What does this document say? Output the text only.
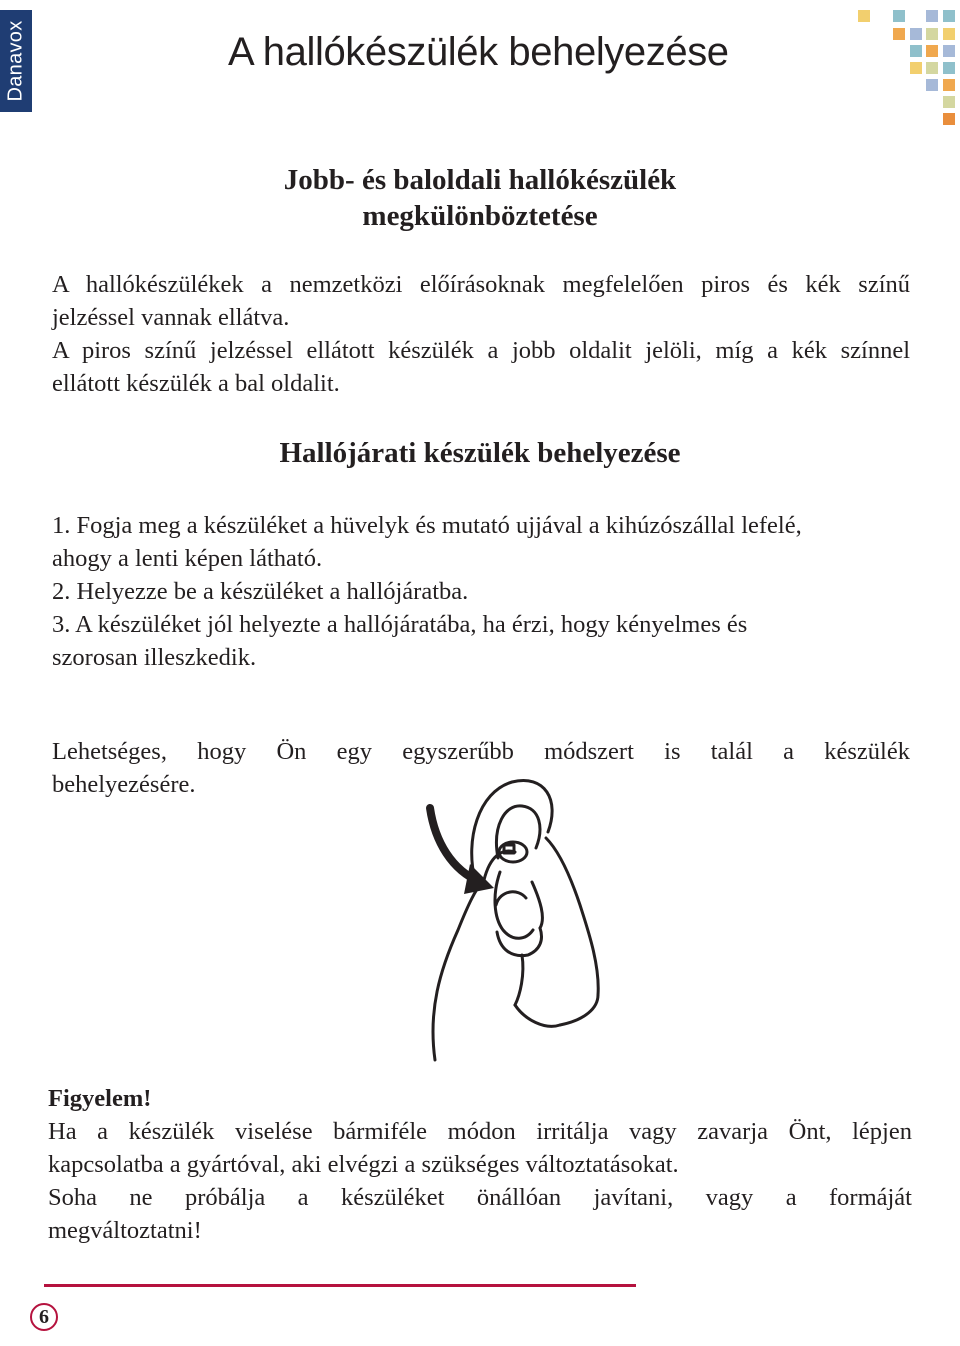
Danavox	A hallókészülék behelyezése
Jobb- és baloldali hallókészülék
megkülönböztetése
A hallókészülékek a nemzetközi előírásoknak megfelelően piros és kék színű
jelzéssel vannak ellátva.
A piros színű jelzéssel ellátott készülék a jobb oldalit jelöli, míg a kék színnel
ellátott készülék a bal oldalit.
Hallójárati készülék behelyezése
1. Fogja meg a készüléket a hüvelyk és mutató ujjával a kihúzószállal lefelé,
ahogy a lenti képen látható.
2. Helyezze be a készüléket a hallójáratba.
3. A készüléket jól helyezte a hallójáratába, ha érzi, hogy kényelmes és
szorosan illeszkedik.
Lehetséges, hogy Ön egy egyszerűbb módszert is talál a készülék
behelyezésére.
Figyelem!
Ha a készülék viselése bármiféle módon irritálja vagy zavarja Önt, lépjen
kapcsolatba a gyártóval, aki elvégzi a szükséges változtatásokat.
Soha ne próbálja a készüléket önállóan javítani, vagy a formáját
megváltoztatni!
6
